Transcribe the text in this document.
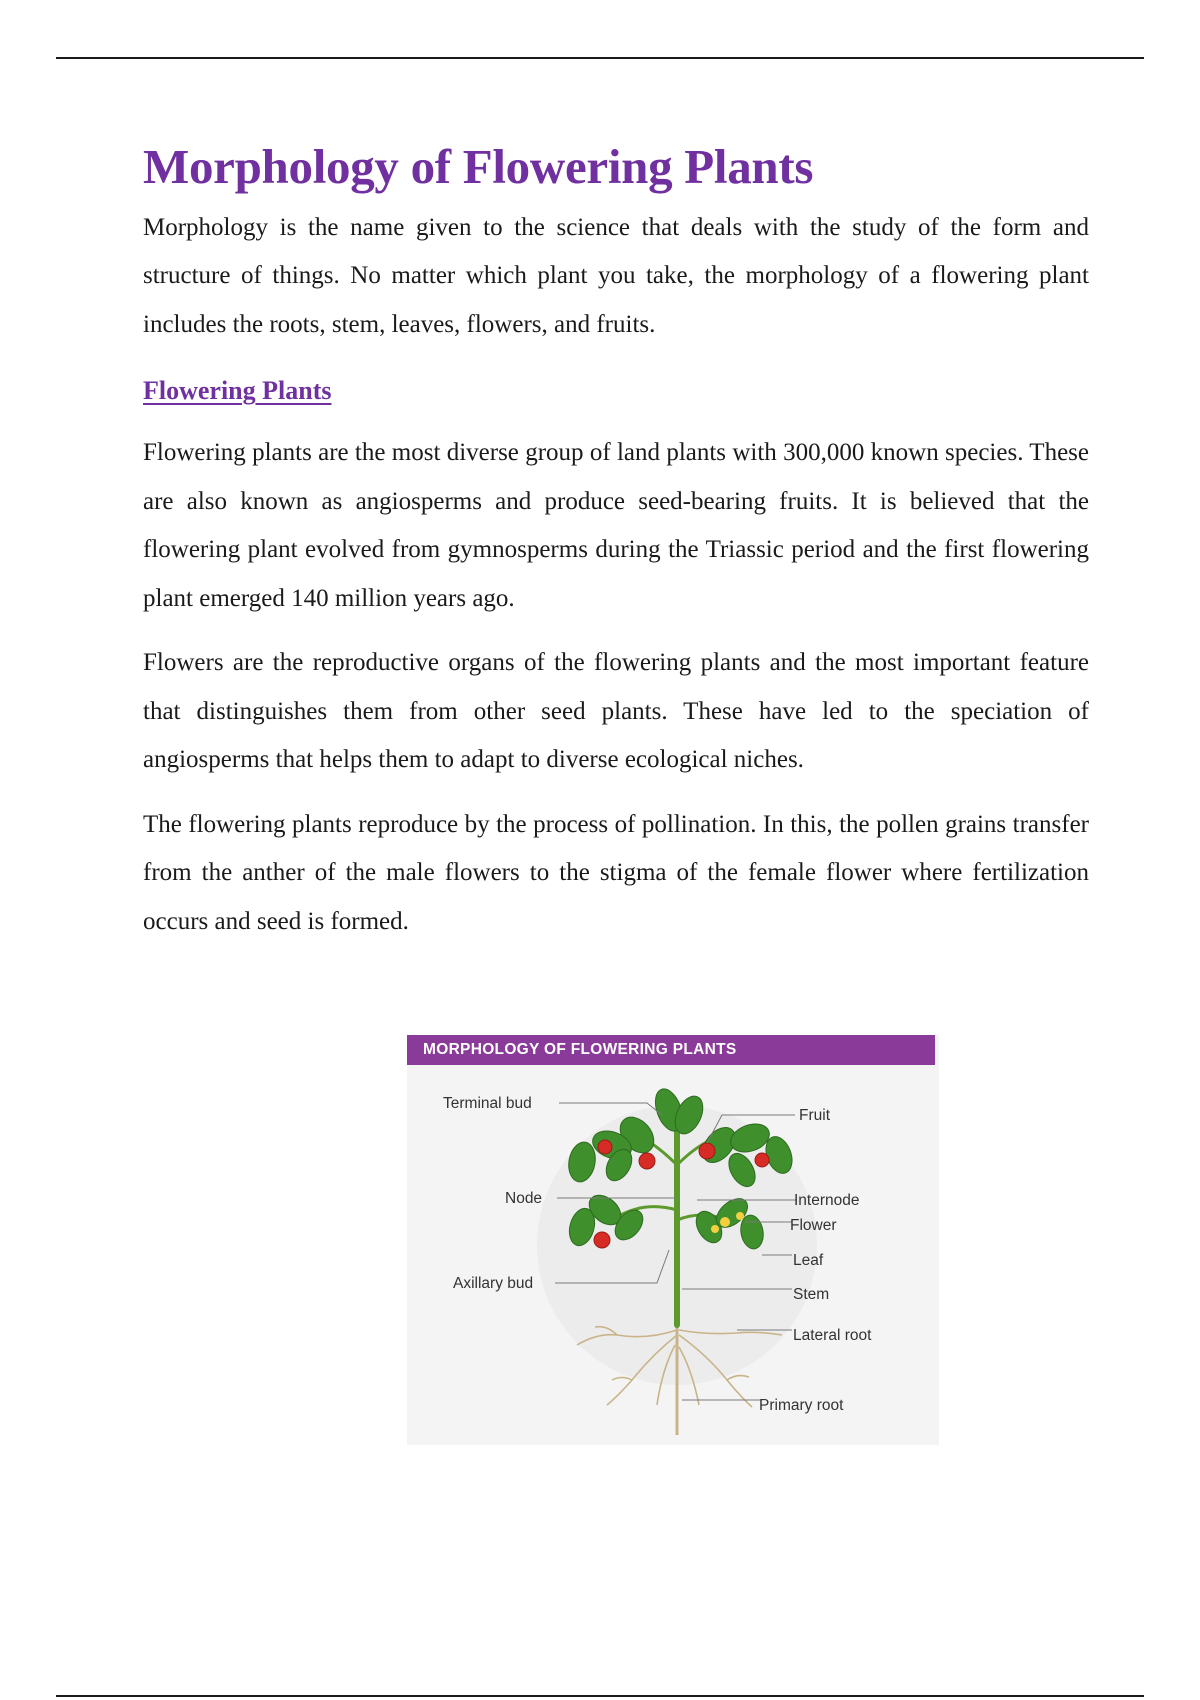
Morphology of Flowering Plants

Morphology is the name given to the science that deals with the study of the form and structure of things. No matter which plant you take, the morphology of a flowering plant includes the roots, stem, leaves, flowers, and fruits.

Flowering Plants

Flowering plants are the most diverse group of land plants with 300,000 known species. These are also known as angiosperms and produce seed-bearing fruits. It is believed that the flowering plant evolved from gymnosperms during the Triassic period and the first flowering plant emerged 140 million years ago.

Flowers are the reproductive organs of the flowering plants and the most important feature that distinguishes them from other seed plants. These have led to the speciation of angiosperms that helps them to adapt to diverse ecological niches.

The flowering plants reproduce by the process of pollination. In this, the pollen grains transfer from the anther of the male flowers to the stigma of the female flower where fertilization occurs and seed is formed.

Terminal bud
Fruit
Node	Internode
Flower
Leaf
Axillary bud
Stem
Lateral root
Primary root
MORPHOLOGY OF FLOWERING PLANTS
